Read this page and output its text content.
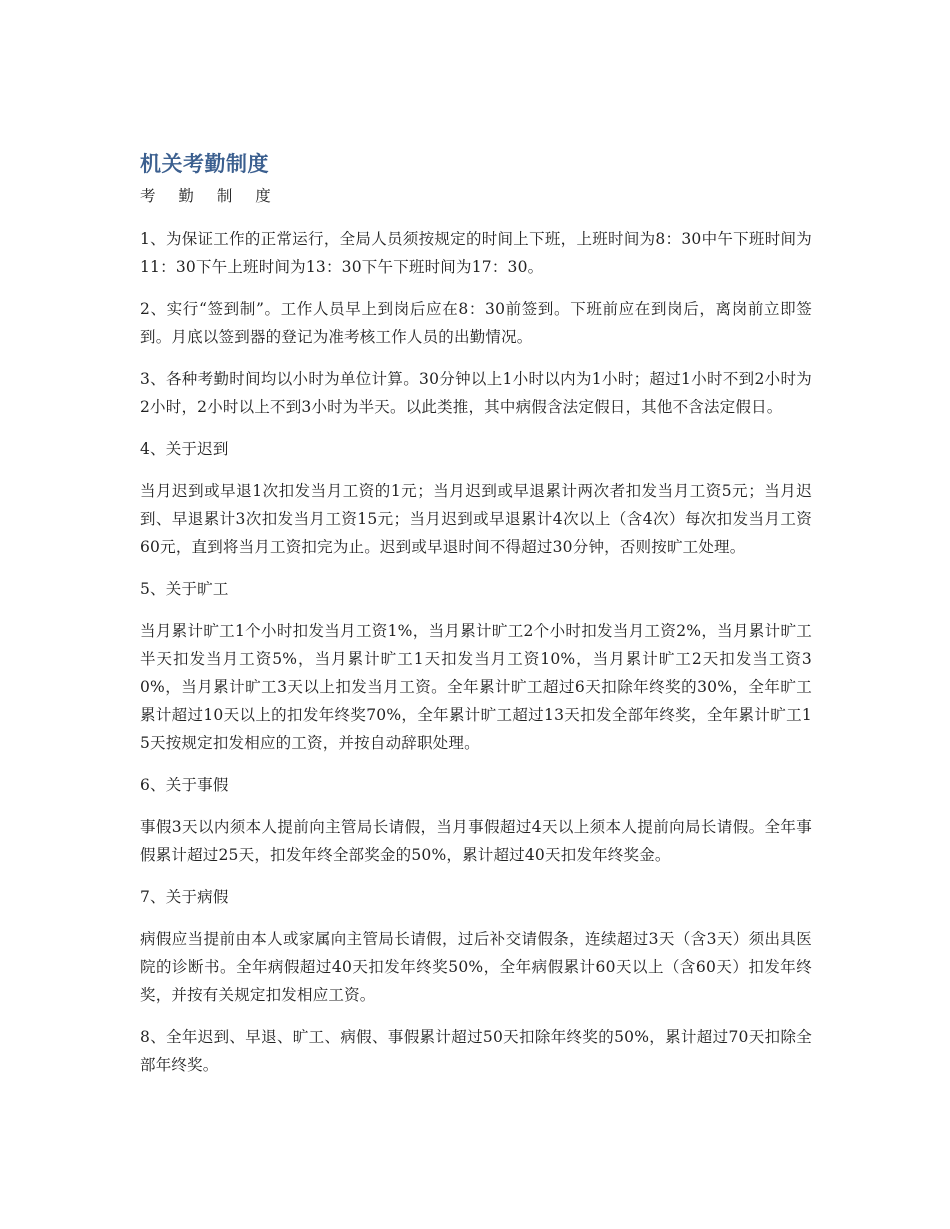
机关考勤制度
考 勤 制 度

1、为保证工作的正常运行，全局人员须按规定的时间上下班，上班时间为8：30中午下班时间为11：30下午上班时间为13：30下午下班时间为17：30。

2、实行“签到制”。工作人员早上到岗后应在8：30前签到。下班前应在到岗后，离岗前立即签到。月底以签到器的登记为准考核工作人员的出勤情况。

3、各种考勤时间均以小时为单位计算。30分钟以上1小时以内为1小时；超过1小时不到2小时为2小时，2小时以上不到3小时为半天。以此类推，其中病假含法定假日，其他不含法定假日。

4、关于迟到

当月迟到或早退1次扣发当月工资的1元；当月迟到或早退累计两次者扣发当月工资5元；当月迟到、早退累计3次扣发当月工资15元；当月迟到或早退累计4次以上（含4次）每次扣发当月工资60元，直到将当月工资扣完为止。迟到或早退时间不得超过30分钟，否则按旷工处理。

5、关于旷工

当月累计旷工1个小时扣发当月工资1%，当月累计旷工2个小时扣发当月工资2%，当月累计旷工半天扣发当月工资5%，当月累计旷工1天扣发当月工资10%，当月累计旷工2天扣发当工资30%，当月累计旷工3天以上扣发当月工资。全年累计旷工超过6天扣除年终奖的30%，全年旷工累计超过10天以上的扣发年终奖70%，全年累计旷工超过13天扣发全部年终奖，全年累计旷工15天按规定扣发相应的工资，并按自动辞职处理。

6、关于事假

事假3天以内须本人提前向主管局长请假，当月事假超过4天以上须本人提前向局长请假。全年事假累计超过25天，扣发年终全部奖金的50%，累计超过40天扣发年终奖金。

7、关于病假

病假应当提前由本人或家属向主管局长请假，过后补交请假条，连续超过3天（含3天）须出具医院的诊断书。全年病假超过40天扣发年终奖50%，全年病假累计60天以上（含60天）扣发年终奖，并按有关规定扣发相应工资。

8、全年迟到、早退、旷工、病假、事假累计超过50天扣除年终奖的50%，累计超过70天扣除全部年终奖。
